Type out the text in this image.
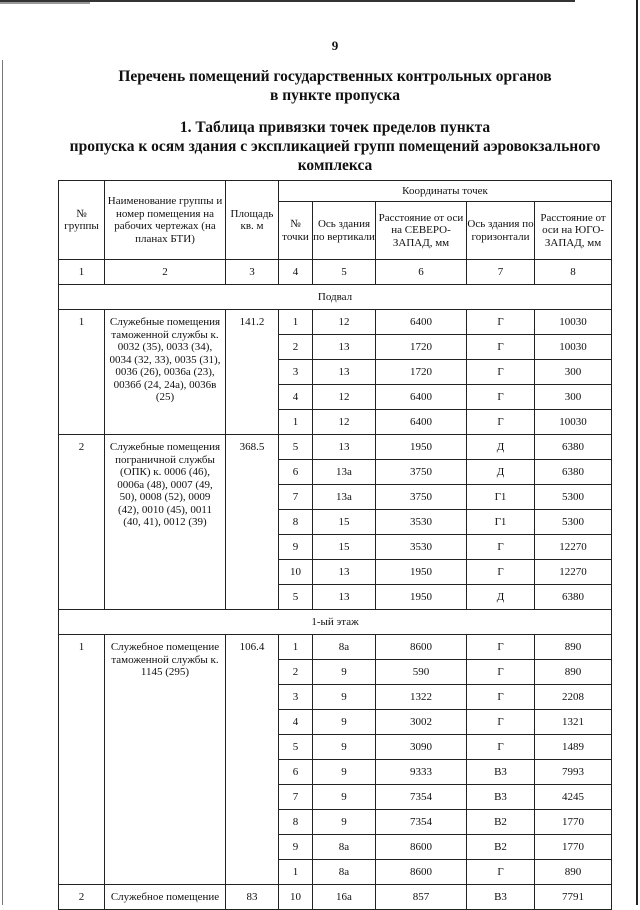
9
Перечень помещений государственных контрольных органов
в пункте пропуска
1. Таблица привязки точек пределов пункта
пропуска к осям здания с экспликацией групп помещений аэровокзального
комплекса
№ группы	Наименование группы и номер помещения на рабочих чертежах (на планах БТИ)	Площадь кв. м	Координаты точек				
			№ точки	Ось здания по вертикали	Расстояние от оси на СЕВЕРО-ЗАПАД, мм	Ось здания по горизонтали	Расстояние от оси на ЮГО-ЗАПАД, мм
1	2	3	4	5	6	7	8
Подвал							
1	Служебные помещения таможенной службы к. 0032 (35), 0033 (34), 0034 (32, 33), 0035 (31), 0036 (26), 0036а (23), 0036б (24, 24а), 0036в (25)	141.2	1	12	6400	Г	10030
			2	13	1720	Г	10030
			3	13	1720	Г	300
			4	12	6400	Г	300
			1	12	6400	Г	10030
2	Служебные помещения пограничной службы (ОПК) к. 0006 (46), 0006а (48), 0007 (49, 50), 0008 (52), 0009 (42), 0010 (45), 0011 (40, 41), 0012 (39)	368.5	5	13	1950	Д	6380
			6	13а	3750	Д	6380
			7	13а	3750	Г1	5300
			8	15	3530	Г1	5300
			9	15	3530	Г	12270
			10	13	1950	Г	12270
			5	13	1950	Д	6380
1-ый этаж							
1	Служебное помещение таможенной службы к. 1145 (295)	106.4	1	8а	8600	Г	890
			2	9	590	Г	890
			3	9	1322	Г	2208
			4	9	3002	Г	1321
			5	9	3090	Г	1489
			6	9	9333	В3	7993
			7	9	7354	В3	4245
			8	9	7354	В2	1770
			9	8а	8600	В2	1770
			1	8а	8600	Г	890
2	Служебное помещение	83	10	16а	857	В3	7791
